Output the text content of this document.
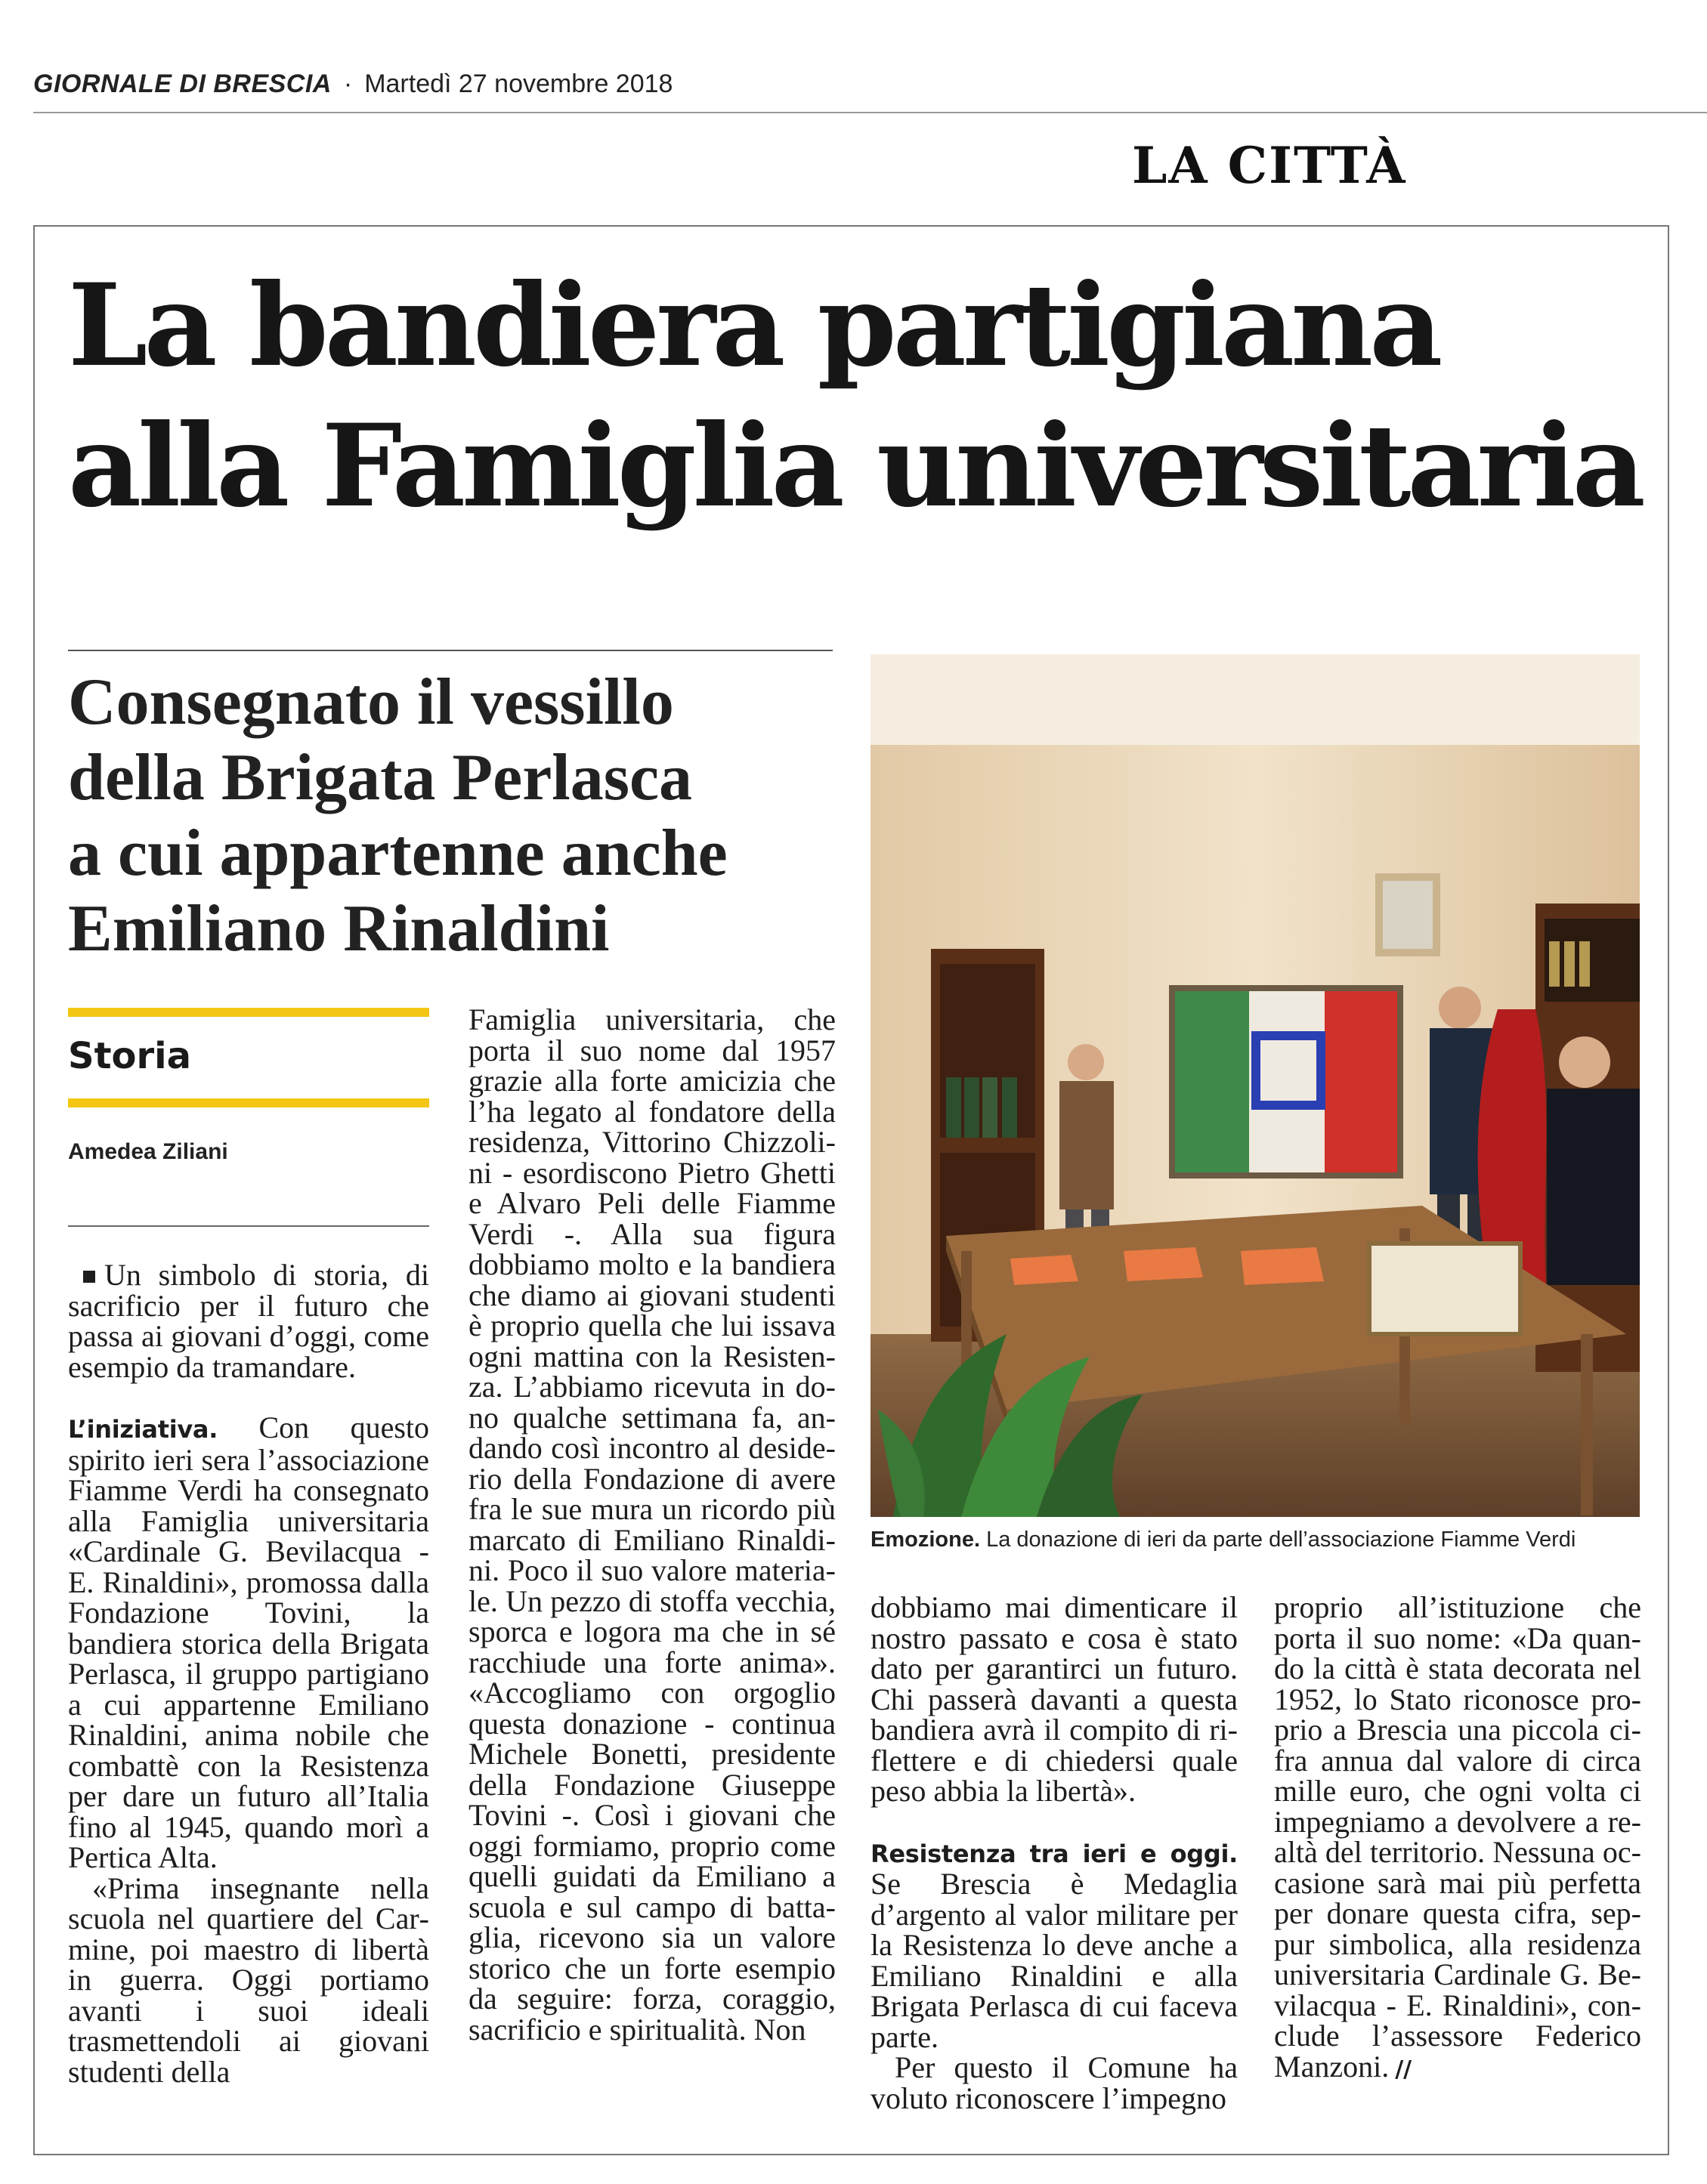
GIORNALE DI BRESCIA · Martedì 27 novembre 2018
LA CITTÀ
La bandiera partigiana
alla Famiglia universitaria
Consegnato il vessillo
della Brigata Perlasca
a cui appartenne anche
Emiliano Rinaldini
Emozione. La donazione di ieri da parte dell’associazione Fiamme Verdi
Storia
Amedea Ziliani

Un simbolo di storia, di sacrificio per il futuro che passa ai giovani d’oggi, come esempio da tramandare.

L’iniziativa. Con questo spirito ieri sera l’associazione Fiamme Verdi ha consegnato alla Famiglia universitaria «Cardinale G. Bevilacqua - E. Rinaldini», promossa dalla Fondazione Tovini, la bandiera storica della Brigata Perlasca, il gruppo partigiano a cui appartenne Emiliano Rinaldini, anima nobile che combattè con la Resistenza per dare un futuro all’Italia fino al 1945, quando morì a Pertica Alta.

«Prima insegnante nella scuola nel quartiere del Carmine, poi maestro di libertà in guerra. Oggi portiamo avanti i suoi ideali trasmettendoli ai giovani studenti della

Famiglia universitaria, che porta il suo nome dal 1957 grazie alla forte amicizia che l’ha legato al fondatore della residenza, Vittorino Chizzolini - esordiscono Pietro Ghetti e Alvaro Peli delle Fiamme Verdi -. Alla sua figura dobbiamo molto e la bandiera che diamo ai giovani studenti è proprio quella che lui issava ogni mattina con la Resistenza. L’abbiamo ricevuta in dono qualche settimana fa, andando così incontro al desiderio della Fondazione di avere fra le sue mura un ricordo più marcato di Emiliano Rinaldini. Poco il suo valore materiale. Un pezzo di stoffa vecchia, sporca e logora ma che in sé racchiude una forte anima». «Accogliamo con orgoglio questa donazione - continua Michele Bonetti, presidente della Fondazione Giuseppe Tovini -. Così i giovani che oggi formiamo, proprio come quelli guidati da Emiliano a scuola e sul campo di battaglia, ricevono sia un valore storico che un forte esempio da seguire: forza, coraggio, sacrificio e spiritualità. Non

dobbiamo mai dimenticare il nostro passato e cosa è stato dato per garantirci un futuro. Chi passerà davanti a questa bandiera avrà il compito di riflettere e di chiedersi quale peso abbia la libertà».

Resistenza tra ieri e oggi. Se Brescia è Medaglia d’argento al valor militare per la Resistenza lo deve anche a Emiliano Rinaldini e alla Brigata Perlasca di cui faceva parte.

Per questo il Comune ha voluto riconoscere l’impegno

proprio all’istituzione che porta il suo nome: «Da quando la città è stata decorata nel 1952, lo Stato riconosce proprio a Brescia una piccola cifra annua dal valore di circa mille euro, che ogni volta ci impegniamo a devolvere a realtà del territorio. Nessuna occasione sarà mai più perfetta per donare questa cifra, seppur simbolica, alla residenza universitaria Cardinale G. Bevilacqua - E. Rinaldini», conclude l’assessore Federico Manzoni. //
